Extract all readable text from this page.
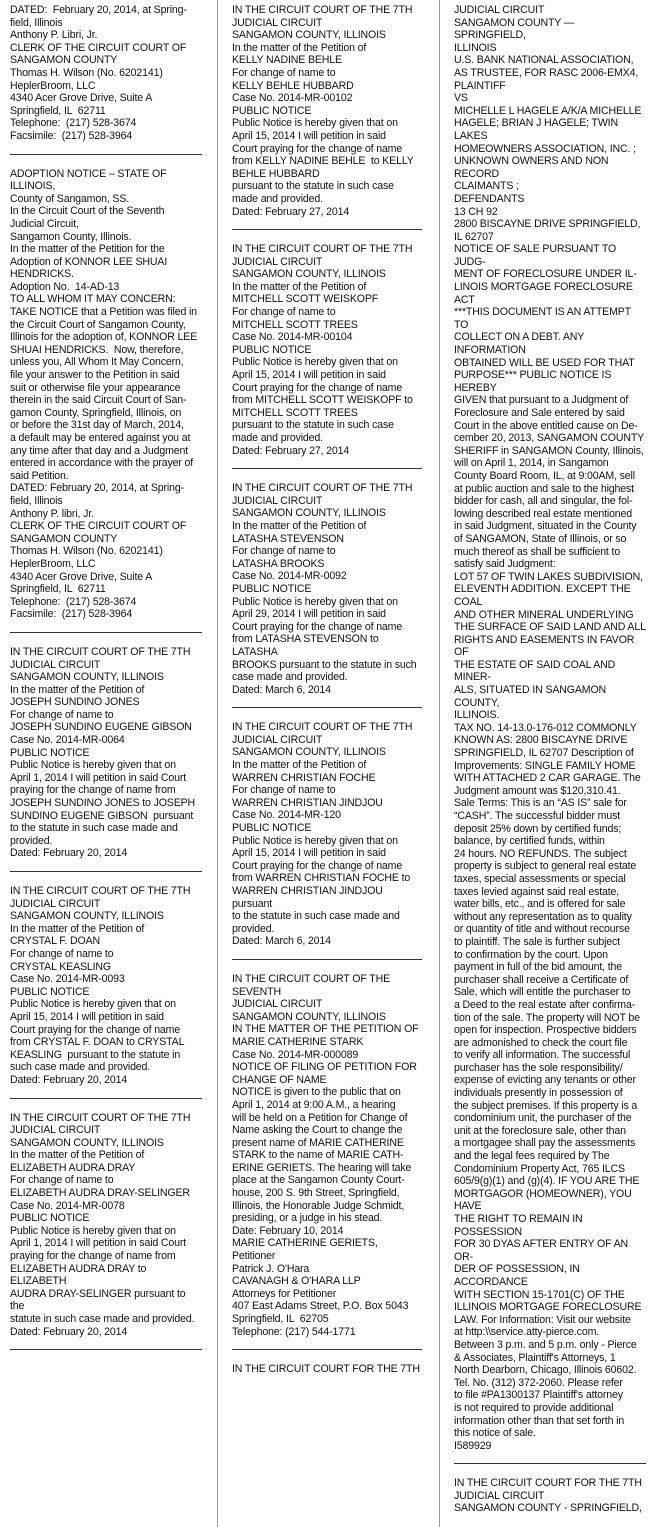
DATED:  February 20, 2014, at Spring-
field, Illinois
Anthony P. Libri, Jr.
CLERK OF THE CIRCUIT COURT OF
SANGAMON COUNTY
Thomas H. Wilson (No. 6202141)
HeplerBroom, LLC
4340 Acer Grove Drive, Suite A
Springfield, IL  62711
Telephone:  (217) 528-3674
Facsimile:  (217) 528-3964

ADOPTION NOTICE – STATE OF ILLINOIS,
County of Sangamon, SS.
In the Circuit Court of the Seventh
Judicial Circuit,
Sangamon County, Illinois.
In the matter of the Petition for the
Adoption of KONNOR LEE SHUAI
HENDRICKS.
Adoption No.  14-AD-13
TO ALL WHOM IT MAY CONCERN:
TAKE NOTICE that a Petition was filed in
the Circuit Court of Sangamon County,
Illinois for the adoption of, KONNOR LEE
SHUAI HENDRICKS.  Now, therefore,
unless you, All Whom It May Concern,
file your answer to the Petition in said
suit or otherwise file your appearance
therein in the said Circuit Court of San-
gamon County, Springfield, Illinois, on
or before the 31st day of March, 2014,
a default may be entered against you at
any time after that day and a Judgment
entered in accordance with the prayer of
said Petition.
DATED: February 20, 2014, at Spring-
field, Illinois
Anthony P. libri, Jr.
CLERK OF THE CIRCUIT COURT OF
SANGAMON COUNTY
Thomas H. Wilson (No. 6202141)
HeplerBroom, LLC
4340 Acer Grove Drive, Suite A
Springfield, IL  62711
Telephone:  (217) 528-3674
Facsimile:  (217) 528-3964

IN THE CIRCUIT COURT OF THE 7TH
JUDICIAL CIRCUIT
SANGAMON COUNTY, ILLINOIS
In the matter of the Petition of
JOSEPH SUNDINO JONES
For change of name to
JOSEPH SUNDINO EUGENE GIBSON
Case No. 2014-MR-0064
PUBLIC NOTICE
Public Notice is hereby given that on
April 1, 2014 I will petition in said Court
praying for the change of name from
JOSEPH SUNDINO JONES to JOSEPH
SUNDINO EUGENE GIBSON  pursuant
to the statute in such case made and
provided.
Dated: February 20, 2014

IN THE CIRCUIT COURT OF THE 7TH
JUDICIAL CIRCUIT
SANGAMON COUNTY, ILLINOIS
In the matter of the Petition of
CRYSTAL F. DOAN
For change of name to
CRYSTAL KEASLING
Case No. 2014-MR-0093
PUBLIC NOTICE
Public Notice is hereby given that on
April 15, 2014 I will petition in said
Court praying for the change of name
from CRYSTAL F. DOAN to CRYSTAL
KEASLING  pursuant to the statute in
such case made and provided.
Dated: February 20, 2014

IN THE CIRCUIT COURT OF THE 7TH
JUDICIAL CIRCUIT
SANGAMON COUNTY, ILLINOIS
In the matter of the Petition of
ELIZABETH AUDRA DRAY
For change of name to
ELIZABETH AUDRA DRAY-SELINGER
Case No. 2014-MR-0078
PUBLIC NOTICE
Public Notice is hereby given that on
April 1, 2014 I will petition in said Court
praying for the change of name from
ELIZABETH AUDRA DRAY to ELIZABETH
AUDRA DRAY-SELINGER pursuant to the
statute in such case made and provided.
Dated: February 20, 2014

IN THE CIRCUIT COURT OF THE 7TH
JUDICIAL CIRCUIT
SANGAMON COUNTY, ILLINOIS
In the matter of the Petition of
KELLY NADINE BEHLE
For change of name to
KELLY BEHLE HUBBARD
Case No. 2014-MR-00102
PUBLIC NOTICE
Public Notice is hereby given that on
April 15, 2014 I will petition in said
Court praying for the change of name
from KELLY NADINE BEHLE  to KELLY
BEHLE HUBBARD
pursuant to the statute in such case
made and provided.
Dated: February 27, 2014

IN THE CIRCUIT COURT OF THE 7TH
JUDICIAL CIRCUIT
SANGAMON COUNTY, ILLINOIS
In the matter of the Petition of
MITCHELL SCOTT WEISKOPF
For change of name to
MITCHELL SCOTT TREES
Case No. 2014-MR-00104
PUBLIC NOTICE
Public Notice is hereby given that on
April 15, 2014 I will petition in said
Court praying for the change of name
from MITCHELL SCOTT WEISKOPF to
MITCHELL SCOTT TREES
pursuant to the statute in such case
made and provided.
Dated: February 27, 2014

IN THE CIRCUIT COURT OF THE 7TH
JUDICIAL CIRCUIT
SANGAMON COUNTY, ILLINOIS
In the matter of the Petition of
LATASHA STEVENSON
For change of name to
LATASHA BROOKS
Case No. 2014-MR-0092
PUBLIC NOTICE
Public Notice is hereby given that on
April 29, 2014 I will petition in said
Court praying for the change of name
from LATASHA STEVENSON to LATASHA
BROOKS pursuant to the statute in such
case made and provided.
Dated: March 6, 2014

IN THE CIRCUIT COURT OF THE 7TH
JUDICIAL CIRCUIT
SANGAMON COUNTY, ILLINOIS
In the matter of the Petition of
WARREN CHRISTIAN FOCHE
For change of name to
WARREN CHRISTIAN JINDJOU
Case No. 2014-MR-120
PUBLIC NOTICE
Public Notice is hereby given that on
April 15, 2014 I will petition in said
Court praying for the change of name
from WARREN CHRISTIAN FOCHE to
WARREN CHRISTIAN JINDJOU pursuant
to the statute in such case made and
provided.
Dated: March 6, 2014

IN THE CIRCUIT COURT OF THE SEVENTH
JUDICIAL CIRCUIT
SANGAMON COUNTY, ILLINOIS
IN THE MATTER OF THE PETITION OF
MARIE CATHERINE STARK
Case No. 2014-MR-000089
NOTICE OF FILING OF PETITION FOR
CHANGE OF NAME
NOTICE is given to the public that on
April 1, 2014 at 9:00 A.M., a hearing
will be held on a Petition for Change of
Name asking the Court to change the
present name of MARIE CATHERINE
STARK to the name of MARIE CATH-
ERINE GERIETS. The hearing will take
place at the Sangamon County Court-
house, 200 S. 9th Street, Springfield,
Illinois, the Honorable Judge Schmidt,
presiding, or a judge in his stead.
Date: February 10, 2014
MARIE CATHERINE GERIETS, Petitioner
Patrick J. O'Hara
CAVANAGH & O'HARA LLP
Attorneys for Petitioner
407 East Adams Street, P.O. Box 5043
Springfield, IL  62705
Telephone: (217) 544-1771

IN THE CIRCUIT COURT FOR THE 7TH

JUDICIAL CIRCUIT
SANGAMON COUNTY — SPRINGFIELD,
ILLINOIS
U.S. BANK NATIONAL ASSOCIATION,
AS TRUSTEE, FOR RASC 2006-EMX4,
PLAINTIFF
VS
MICHELLE L HAGELE A/K/A MICHELLE
HAGELE; BRIAN J HAGELE; TWIN LAKES
HOMEOWNERS ASSOCIATION, INC. ;
UNKNOWN OWNERS AND NON RECORD
CLAIMANTS ;
DEFENDANTS
13 CH 92
2800 BISCAYNE DRIVE SPRINGFIELD,
IL 62707
NOTICE OF SALE PURSUANT TO JUDG-
MENT OF FORECLOSURE UNDER IL-
LINOIS MORTGAGE FORECLOSURE ACT
***THIS DOCUMENT IS AN ATTEMPT TO
COLLECT ON A DEBT. ANY INFORMATION
OBTAINED WILL BE USED FOR THAT
PURPOSE*** PUBLIC NOTICE IS HEREBY
GIVEN that pursuant to a Judgment of
Foreclosure and Sale entered by said
Court in the above entitled cause on De-
cember 20, 2013, SANGAMON COUNTY
SHERIFF in SANGAMON County, Illinois,
will on April 1, 2014, in Sangamon
County Board Room, IL, at 9:00AM, sell
at public auction and sale to the highest
bidder for cash, all and singular, the fol-
lowing described real estate mentioned
in said Judgment, situated in the County
of SANGAMON, State of Illinois, or so
much thereof as shall be sufficient to
satisfy said Judgment:
LOT 57 OF TWIN LAKES SUBDIVISION,
ELEVENTH ADDITION. EXCEPT THE COAL
AND OTHER MINERAL UNDERLYING
THE SURFACE OF SAID LAND AND ALL
RIGHTS AND EASEMENTS IN FAVOR OF
THE ESTATE OF SAID COAL AND MINER-
ALS, SITUATED IN SANGAMON COUNTY,
ILLINOIS.
TAX NO. 14-13.0-176-012 COMMONLY
KNOWN AS: 2800 BISCAYNE DRIVE
SPRINGFIELD, IL 62707 Description of
Improvements: SINGLE FAMILY HOME
WITH ATTACHED 2 CAR GARAGE. The
Judgment amount was $120,310.41.
Sale Terms: This is an “AS IS” sale for
“CASH”. The successful bidder must
deposit 25% down by certified funds;
balance, by certified funds, within
24 hours. NO REFUNDS. The subject
property is subject to general real estate
taxes, special assessments or special
taxes levied against said real estate,
water bills, etc., and is offered for sale
without any representation as to quality
or quantity of title and without recourse
to plaintiff. The sale is further subject
to confirmation by the court. Upon
payment in full of the bid amount, the
purchaser shall receive a Certificate of
Sale, which will entitle the purchaser to
a Deed to the real estate after confirma-
tion of the sale. The property will NOT be
open for inspection. Prospective bidders
are admonished to check the court file
to verify all information. The successful
purchaser has the sole responsibility/
expense of evicting any tenants or other
individuals presently in possession of
the subject premises. If this property is a
condominium unit, the purchaser of the
unit at the foreclosure sale, other than
a mortgagee shall pay the assessments
and the legal fees required by The
Condominium Property Act, 765 ILCS
605/9(g)(1) and (g)(4). IF YOU ARE THE
MORTGAGOR (HOMEOWNER), YOU HAVE
THE RIGHT TO REMAIN IN POSSESSION
FOR 30 DYAS AFTER ENTRY OF AN OR-
DER OF POSSESSION, IN ACCORDANCE
WITH SECTION 15-1701(C) OF THE
ILLINOIS MORTGAGE FORECLOSURE
LAW. For Information: Visit our website
at http:\\service.atty-pierce.com.
Between 3 p.m. and 5 p.m. only - Pierce
& Associates, Plaintiff's Attorneys, 1
North Dearborn, Chicago, Illinois 60602.
Tel. No. (312) 372-2060. Please refer
to file #PA1300137 Plaintiff's attorney
is not required to provide additional
information other than that set forth in
this notice of sale.
I589929

IN THE CIRCUIT COURT FOR THE 7TH
JUDICIAL CIRCUIT
SANGAMON COUNTY - SPRINGFIELD,
